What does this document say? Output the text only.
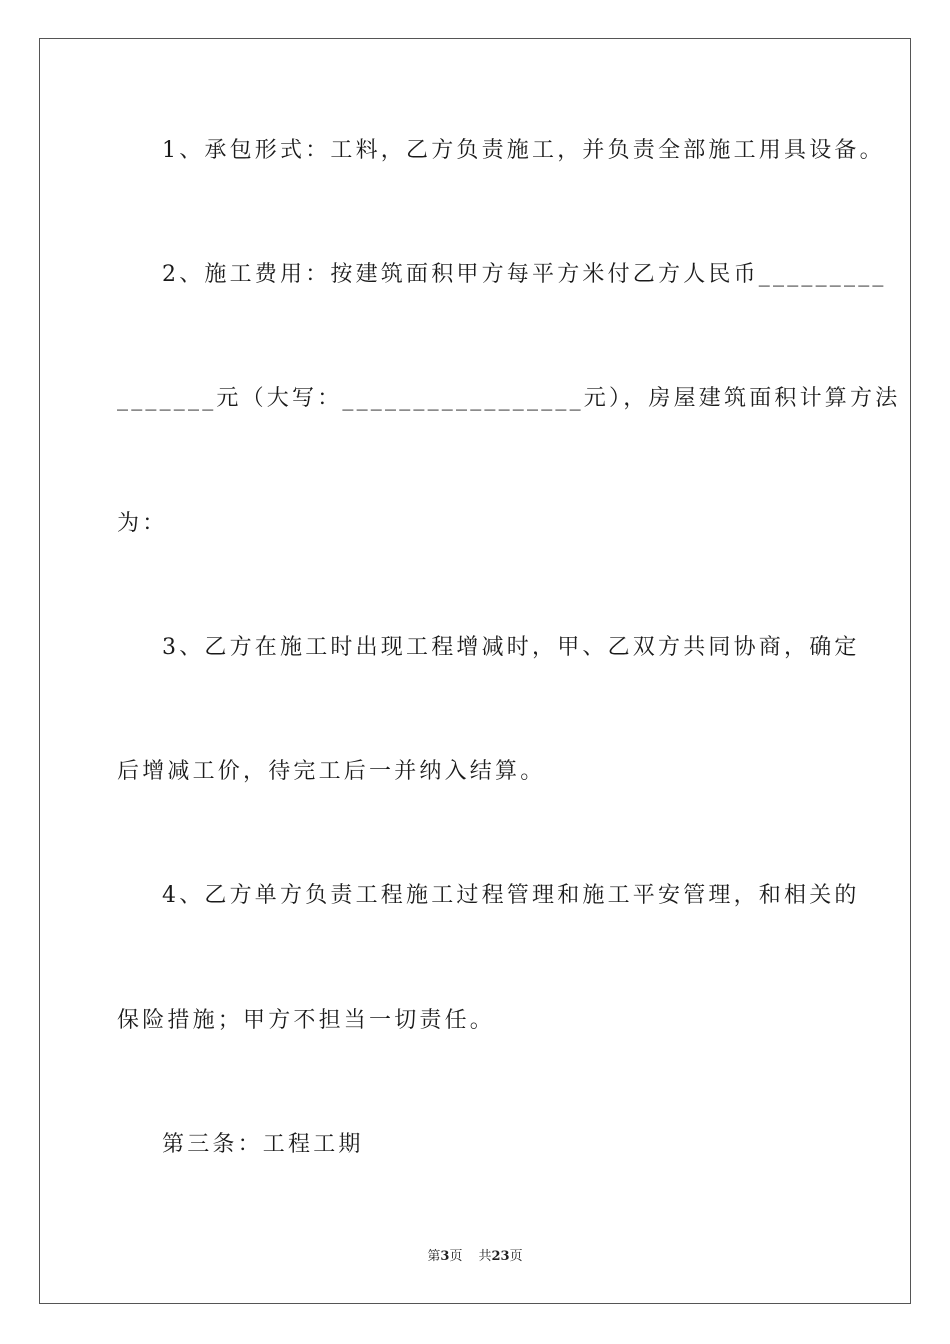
1、承包形式：工料，乙方负责施工，并负责全部施工用具设备。

2、施工费用：按建筑面积甲方每平方米付乙方人民币_________

_______元（大写：_________________元），房屋建筑面积计算方法

为：

3、乙方在施工时出现工程增减时，甲、乙双方共同协商，确定

后增减工价，待完工后一并纳入结算。

4、乙方单方负责工程施工过程管理和施工平安管理，和相关的

保险措施；甲方不担当一切责任。

第三条：工程工期

第3页 共23页
